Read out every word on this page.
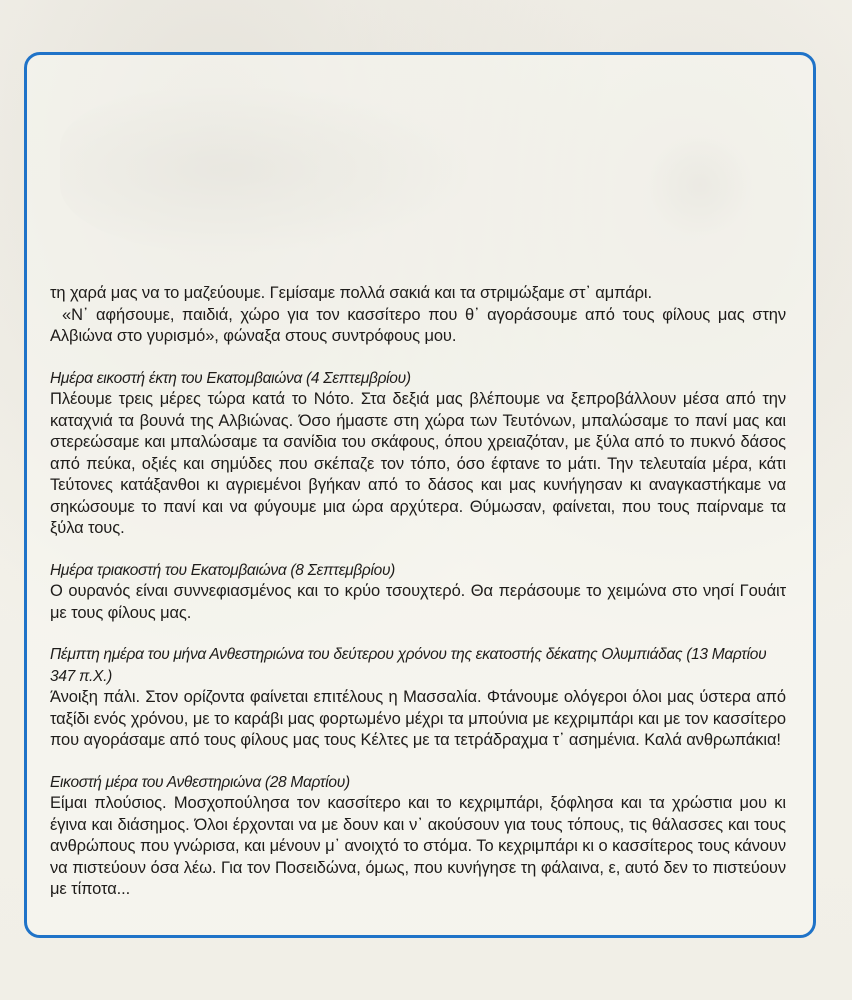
τη χαρά μας να το μαζεύουμε. Γεμίσαμε πολλά σακιά και τα στριμώξαμε στ᾽ αμπάρι.

«Ν᾽ αφήσουμε, παιδιά, χώρο για τον κασσίτερο που θ᾽ αγοράσουμε από τους φίλους μας στην Αλβιώνα στο γυρισμό», φώναξα στους συντρόφους μου.

Ημέρα εικοστή έκτη του Εκατομβαιώνα (4 Σεπτεμβρίου)

Πλέουμε τρεις μέρες τώρα κατά το Νότο. Στα δεξιά μας βλέπουμε να ξεπροβάλλουν μέσα από την καταχνιά τα βουνά της Αλβιώνας. Όσο ήμαστε στη χώρα των Τευτόνων, μπαλώσαμε το πανί μας και στερεώσαμε και μπαλώσαμε τα σανίδια του σκάφους, όπου χρειαζόταν, με ξύλα από το πυκνό δάσος από πεύκα, οξιές και σημύδες που σκέπαζε τον τόπο, όσο έφτανε το μάτι. Την τελευταία μέρα, κάτι Τεύτονες κατάξανθοι κι αγριεμένοι βγήκαν από το δάσος και μας κυνήγησαν κι αναγκαστήκαμε να σηκώσουμε το πανί και να φύγουμε μια ώρα αρχύτερα. Θύμωσαν, φαίνεται, που τους παίρναμε τα ξύλα τους.

Ημέρα τριακοστή του Εκατομβαιώνα (8 Σεπτεμβρίου)

Ο ουρανός είναι συννεφιασμένος και το κρύο τσουχτερό. Θα περάσουμε το χειμώνα στο νησί Γουάιτ με τους φίλους μας.

Πέμπτη ημέρα του μήνα Ανθεστηριώνα του δεύτερου χρόνου της εκατοστής δέκατης Ολυμπιάδας (13 Μαρτίου 347 π.Χ.)

Άνοιξη πάλι. Στον ορίζοντα φαίνεται επιτέλους η Μασσαλία. Φτάνουμε ολόγεροι όλοι μας ύστερα από ταξίδι ενός χρόνου, με το καράβι μας φορτωμένο μέχρι τα μπούνια με κεχριμπάρι και με τον κασσίτερο που αγοράσαμε από τους φίλους μας τους Κέλτες με τα τετράδραχμα τ᾽ ασημένια. Καλά ανθρωπάκια!

Εικοστή μέρα του Ανθεστηριώνα (28 Μαρτίου)

Είμαι πλούσιος. Μοσχοπούλησα τον κασσίτερο και το κεχριμπάρι, ξόφλησα και τα χρώστια μου κι έγινα και διάσημος. Όλοι έρχονται να με δουν και ν᾽ ακούσουν για τους τόπους, τις θάλασσες και τους ανθρώπους που γνώρισα, και μένουν μ᾽ ανοιχτό το στόμα. Το κεχριμπάρι κι ο κασσίτερος τους κάνουν να πιστεύουν όσα λέω. Για τον Ποσειδώνα, όμως, που κυνήγησε τη φάλαινα, ε, αυτό δεν το πιστεύουν με τίποτα...
